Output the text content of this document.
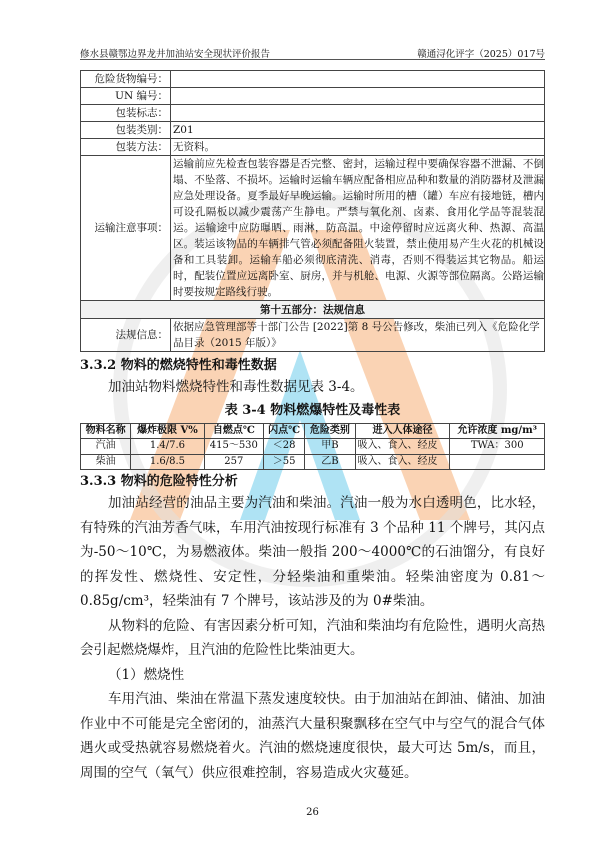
修水县赣鄂边界龙井加油站安全现状评价报告	赣通浔化评字（2025）017号
危险货物编号：	
UN 编号：	
包装标志：	
包装类别：	Z01
包装方法：	无资料。
运输注意事项：	运输前应先检查包装容器是否完整、密封，运输过程中要确保容器不泄漏、不倒塌、不坠落、不损坏。运输时运输车辆应配备相应品种和数量的消防器材及泄漏应急处理设备。夏季最好早晚运输。运输时所用的槽（罐）车应有接地链，槽内可设孔隔板以减少震荡产生静电。严禁与氧化剂、卤素、食用化学品等混装混运。运输途中应防曝晒、雨淋，防高温。中途停留时应远离火种、热源、高温区。装运该物品的车辆排气管必须配备阻火装置，禁止使用易产生火花的机械设备和工具装卸。运输车船必须彻底清洗、消毒，否则不得装运其它物品。船运时，配装位置应远离卧室、厨房，并与机舱、电源、火源等部位隔离。公路运输时要按规定路线行驶。
第十五部分：法规信息	
法规信息：	依据应急管理部等十部门公告 [2022]第 8 号公告修改，柴油已列入《危险化学品目录（2015 年版）》
3.3.2 物料的燃烧特性和毒性数据
加油站物料燃烧特性和毒性数据见表 3-4。
表 3-4 物料燃爆特性及毒性表
物料名称	爆炸极限 V%	自燃点℃	闪点℃	危险类别	进入人体途径	允许浓度 mg/m³
汽油	1.4/7.6	415～530	＜28	甲B	吸入、食入、经皮	TWA：300
柴油	1.6/8.5	257	＞55	乙B	吸入、食入、经皮	
3.3.3 物料的危险特性分析
加油站经营的油品主要为汽油和柴油。汽油一般为水白透明色，比水轻，有特殊的汽油芳香气味，车用汽油按现行标准有 3 个品种 11 个牌号，其闪点为-50～10℃，为易燃液体。柴油一般指 200～4000℃的石油馏分，有良好的挥发性、燃烧性、安定性，分轻柴油和重柴油。轻柴油密度为 0.81～0.85g/cm³，轻柴油有 7 个牌号，该站涉及的为 0#柴油。
从物料的危险、有害因素分析可知，汽油和柴油均有危险性，遇明火高热会引起燃烧爆炸，且汽油的危险性比柴油更大。
（1）燃烧性
车用汽油、柴油在常温下蒸发速度较快。由于加油站在卸油、储油、加油作业中不可能是完全密闭的，油蒸汽大量积聚飘移在空气中与空气的混合气体遇火或受热就容易燃烧着火。汽油的燃烧速度很快，最大可达 5m/s，而且，周围的空气（氧气）供应很难控制，容易造成火灾蔓延。
26
